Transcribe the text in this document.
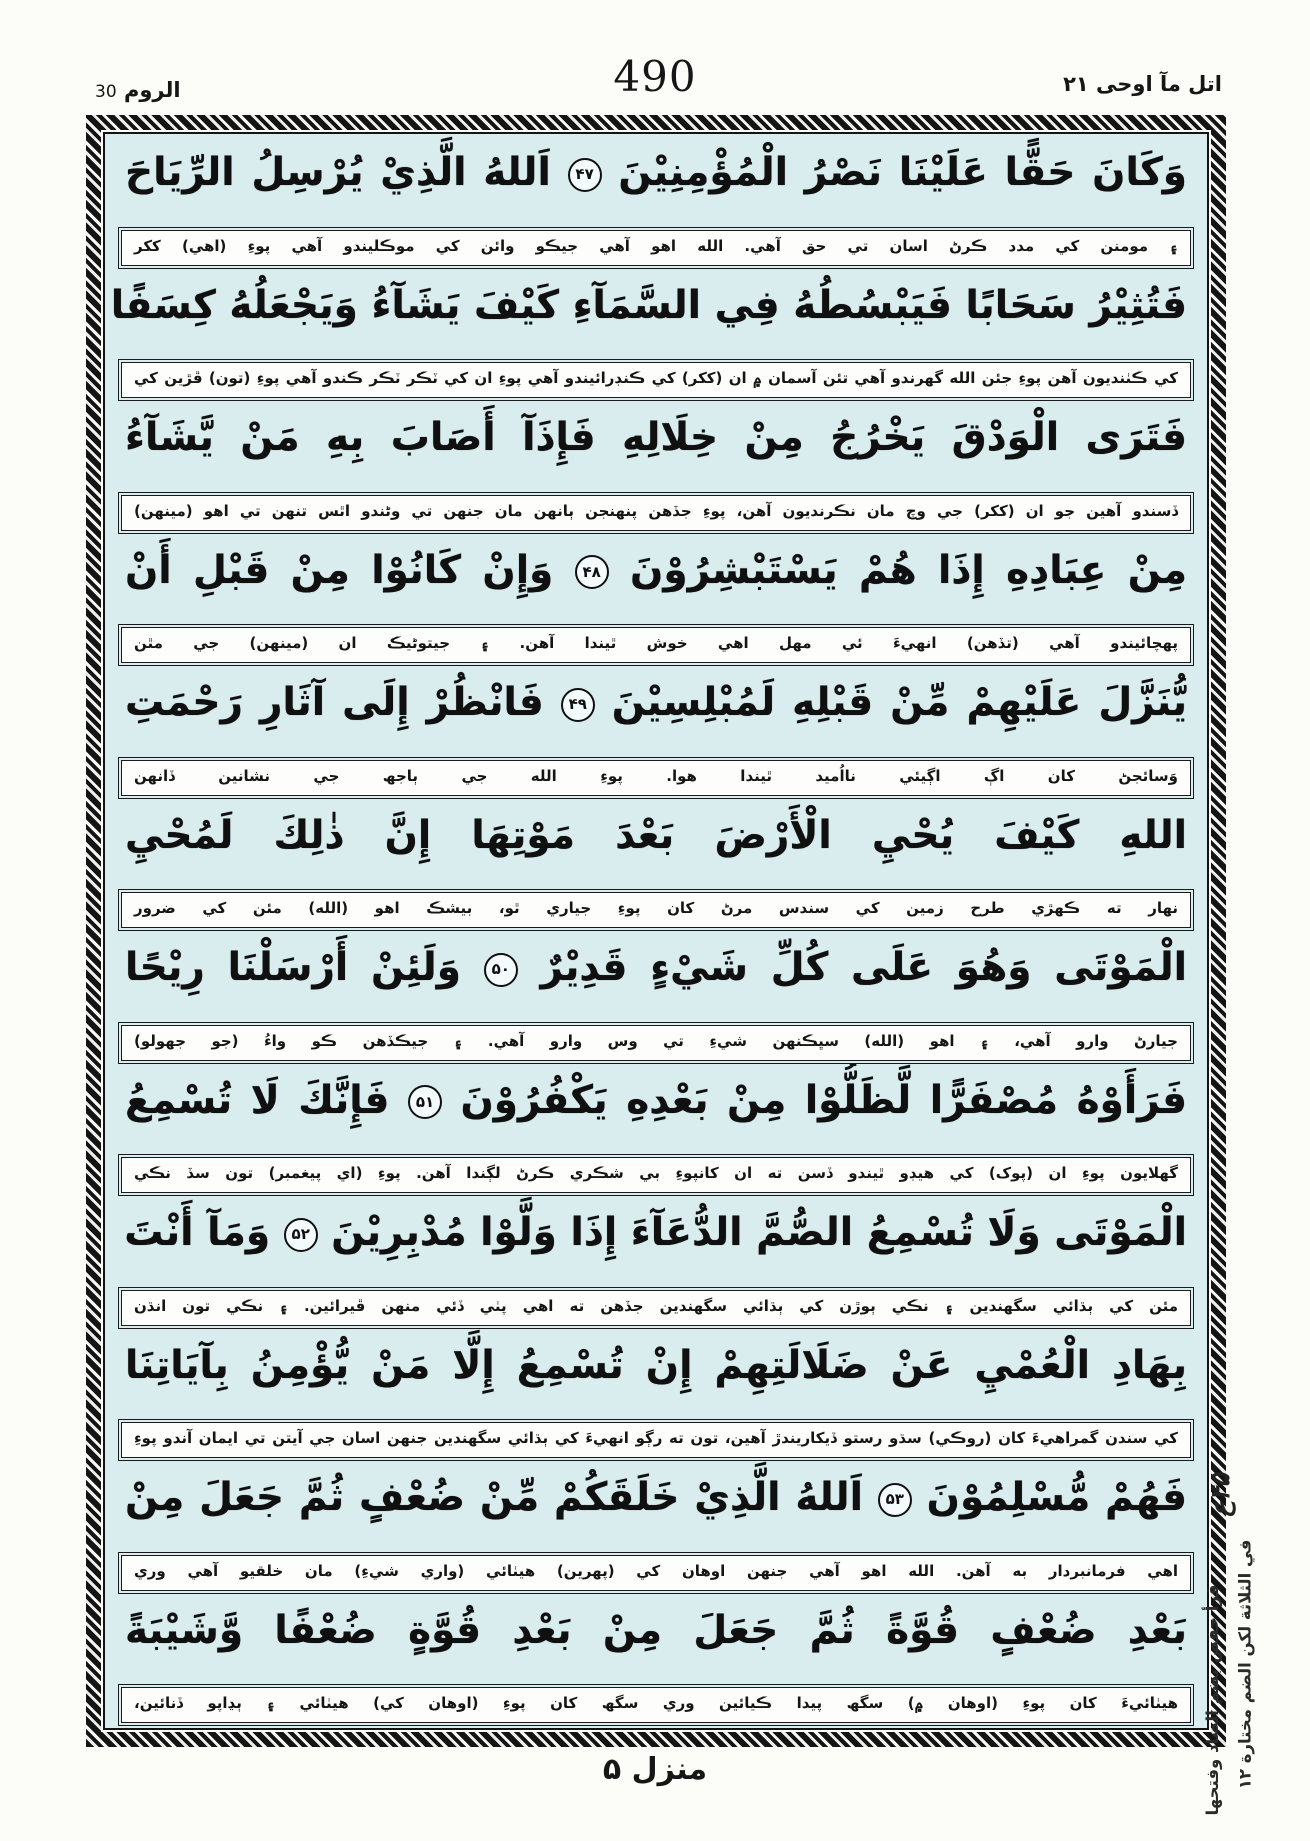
490
الروم 30	اتل مآ اوحی ۲۱
وَكَانَ حَقًّا عَلَيْنَا نَصْرُ الْمُؤْمِنِيْنَ ۴۷ اَللهُ الَّذِيْ يُرْسِلُ الرِّيَاحَ
۽ مومنن کي مدد ڪرڻ اسان تي حق آهي. الله اهو آهي جيڪو وائن کي موڪليندو آهي پوءِ (اهي) ککر
فَتُثِيْرُ سَحَابًا فَيَبْسُطُهُ فِي السَّمَآءِ كَيْفَ يَشَآءُ وَيَجْعَلُهُ كِسَفًا
کي ڪٺنديون آهن پوءِ جئن الله گهرندو آهي تئن آسمان ۾ ان (ککر) کي ڪنڊرائيندو آهي پوءِ ان کي ٽڪر ٽڪر ڪندو آهي پوءِ (تون) ڦڙين کي
فَتَرَى الْوَدْقَ يَخْرُجُ مِنْ خِلَالِهِ فَإِذَآ أَصَابَ بِهِ مَنْ يَّشَآءُ
ڏسندو آهين جو ان (ککر) جي وچ مان نڪرنديون آهن، پوءِ جڏهن پنهنجن ٻانهن مان جنهن تي وڻندو اٿس تنهن تي اهو (مينهن)
مِنْ عِبَادِهِ إِذَا هُمْ يَسْتَبْشِرُوْنَ ۴۸ وَإِنْ كَانُوْا مِنْ قَبْلِ أَنْ
پهچائيندو آهي (تڏهن) انهيءَ ئي مهل اهي خوش ٿيندا آهن. ۽ جيتوڻيڪ ان (مينهن) جي مٿن
يُّنَزَّلَ عَلَيْهِمْ مِّنْ قَبْلِهِ لَمُبْلِسِيْنَ ۴۹ فَانْظُرْ إِلَى آثَارِ رَحْمَتِ
وَسائجڻ کان اڳ اڳيئي نااُميد ٿيندا هوا. پوءِ الله جي ٻاجھ جي نشانين ڏانهن
اللهِ كَيْفَ يُحْيِ الْأَرْضَ بَعْدَ مَوْتِهَا إِنَّ ذٰلِكَ لَمُحْيِ
نهار ته ڪهڙي طرح زمين کي سندس مرڻ کان پوءِ جياري ٿو، بيشڪ اهو (الله) مئن کي ضرور
الْمَوْتَى وَهُوَ عَلَى كُلِّ شَيْءٍ قَدِيْرٌ ۵۰ وَلَئِنْ أَرْسَلْنَا رِيْحًا
جيارڻ وارو آهي، ۽ اهو (الله) سڀڪنهن شيءِ تي وس وارو آهي. ۽ جيڪڏهن ڪو واءُ (جو جهولو)
فَرَأَوْهُ مُصْفَرًّا لَّظَلُّوْا مِنْ بَعْدِهِ يَكْفُرُوْنَ ۵۱ فَإِنَّكَ لَا تُسْمِعُ
گهلايون پوءِ ان (پوک) کي هيڊو ٿيندو ڏسن ته ان کانپوءِ بي شڪري ڪرڻ لڳندا آهن. پوءِ (اي پيغمبر) تون سڏ نڪي
الْمَوْتَى وَلَا تُسْمِعُ الصُّمَّ الدُّعَآءَ إِذَا وَلَّوْا مُدْبِرِيْنَ ۵۲ وَمَآ أَنْتَ
مئن کي ٻڌائي سگهندين ۽ نڪي ٻوڙن کي ٻڌائي سگهندين جڏهن ته اهي پٺي ڏئي منهن ڦيرائين. ۽ نڪي تون انڌن
بِهَادِ الْعُمْيِ عَنْ ضَلَالَتِهِمْ إِنْ تُسْمِعُ إِلَّا مَنْ يُّؤْمِنُ بِآيَاتِنَا
کي سندن گمراهيءَ کان (روڪي) سڌو رستو ڏيکاريندڙ آهين، تون ته رڳو انهيءَ کي ٻڌائي سگهندين جنهن اسان جي آيتن تي ايمان آندو پوءِ
فَهُمْ مُّسْلِمُوْنَ ۵۳ اَللهُ الَّذِيْ خَلَقَكُمْ مِّنْ ضُعْفٍ ثُمَّ جَعَلَ مِنْ
اهي فرمانبردار به آهن. الله اهو آهي جنهن اوهان کي (پهرين) هيٺائي (واري شيءِ) مان خلقيو آهي وري
بَعْدِ ضُعْفٍ قُوَّةً ثُمَّ جَعَلَ مِنْ بَعْدِ قُوَّةٍ ضُعْفًا وَّشَيْبَةً
هيٺائيءَ کان پوءِ (اوهان ۾) سگھ پيدا ڪيائين وري سگھ کان پوءِ (اوهان کي) هيٺائي ۽ ٻڍاپو ڏنائين،
۴۵ع
قرأ حفص بضم الضاد وفتحها في الثلاثة لكن الضم مختارة ۱۲
منزل ۵
